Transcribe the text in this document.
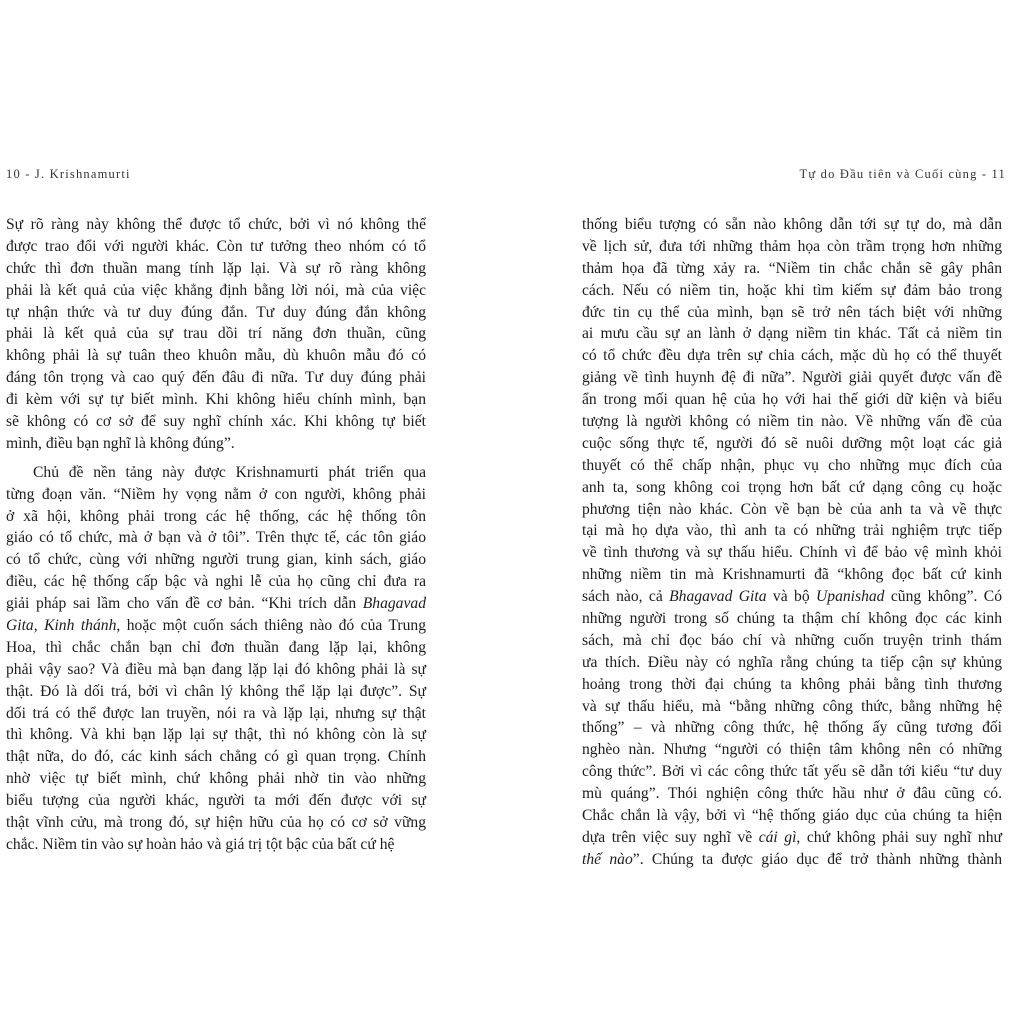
10 - J. Krishnamurti	Tự do Đầu tiên và Cuối cùng - 11
Sự rõ ràng này không thể được tổ chức, bởi vì nó không thể
được trao đổi với người khác. Còn tư tưởng theo nhóm có tổ
chức thì đơn thuần mang tính lặp lại. Và sự rõ ràng không
phải là kết quả của việc khẳng định bằng lời nói, mà của việc
tự nhận thức và tư duy đúng đắn. Tư duy đúng đắn không
phải là kết quả của sự trau dồi trí năng đơn thuần, cũng
không phải là sự tuân theo khuôn mẫu, dù khuôn mẫu đó có
đáng tôn trọng và cao quý đến đâu đi nữa. Tư duy đúng phải
đi kèm với sự tự biết mình. Khi không hiểu chính mình, bạn
sẽ không có cơ sở để suy nghĩ chính xác. Khi không tự biết
mình, điều bạn nghĩ là không đúng”.
Chủ đề nền tảng này được Krishnamurti phát triển qua
từng đoạn văn. “Niềm hy vọng nằm ở con người, không phải
ở xã hội, không phải trong các hệ thống, các hệ thống tôn
giáo có tổ chức, mà ở bạn và ở tôi”. Trên thực tế, các tôn giáo
có tổ chức, cùng với những người trung gian, kinh sách, giáo
điều, các hệ thống cấp bậc và nghi lễ của họ cũng chỉ đưa ra
giải pháp sai lầm cho vấn đề cơ bản. “Khi trích dẫn Bhagavad
Gita, Kinh thánh, hoặc một cuốn sách thiêng nào đó của Trung
Hoa, thì chắc chắn bạn chỉ đơn thuần đang lặp lại, không
phải vậy sao? Và điều mà bạn đang lặp lại đó không phải là sự
thật. Đó là dối trá, bởi vì chân lý không thể lặp lại được”. Sự
dối trá có thể được lan truyền, nói ra và lặp lại, nhưng sự thật
thì không. Và khi bạn lặp lại sự thật, thì nó không còn là sự
thật nữa, do đó, các kinh sách chẳng có gì quan trọng. Chính
nhờ việc tự biết mình, chứ không phải nhờ tin vào những
biểu tượng của người khác, người ta mới đến được với sự
thật vĩnh cửu, mà trong đó, sự hiện hữu của họ có cơ sở vững
chắc. Niềm tin vào sự hoàn hảo và giá trị tột bậc của bất cứ hệ
thống biểu tượng có sẵn nào không dẫn tới sự tự do, mà dẫn
về lịch sử, đưa tới những thảm họa còn trầm trọng hơn những
thảm họa đã từng xảy ra. “Niềm tin chắc chắn sẽ gây phân
cách. Nếu có niềm tin, hoặc khi tìm kiếm sự đảm bảo trong
đức tin cụ thể của mình, bạn sẽ trở nên tách biệt với những
ai mưu cầu sự an lành ở dạng niềm tin khác. Tất cả niềm tin
có tổ chức đều dựa trên sự chia cách, mặc dù họ có thể thuyết
giảng về tình huynh đệ đi nữa”. Người giải quyết được vấn đề
ẩn trong mối quan hệ của họ với hai thế giới dữ kiện và biểu
tượng là người không có niềm tin nào. Về những vấn đề của
cuộc sống thực tế, người đó sẽ nuôi dưỡng một loạt các giả
thuyết có thể chấp nhận, phục vụ cho những mục đích của
anh ta, song không coi trọng hơn bất cứ dạng công cụ hoặc
phương tiện nào khác. Còn về bạn bè của anh ta và về thực
tại mà họ dựa vào, thì anh ta có những trải nghiệm trực tiếp
về tình thương và sự thấu hiểu. Chính vì để bảo vệ mình khỏi
những niềm tin mà Krishnamurti đã “không đọc bất cứ kinh
sách nào, cả Bhagavad Gita và bộ Upanishad cũng không”. Có
những người trong số chúng ta thậm chí không đọc các kinh
sách, mà chỉ đọc báo chí và những cuốn truyện trinh thám
ưa thích. Điều này có nghĩa rằng chúng ta tiếp cận sự khủng
hoảng trong thời đại chúng ta không phải bằng tình thương
và sự thấu hiểu, mà “bằng những công thức, bằng những hệ
thống” – và những công thức, hệ thống ấy cũng tương đối
nghèo nàn. Nhưng “người có thiện tâm không nên có những
công thức”. Bởi vì các công thức tất yếu sẽ dẫn tới kiểu “tư duy
mù quáng”. Thói nghiện công thức hầu như ở đâu cũng có.
Chắc chắn là vậy, bởi vì “hệ thống giáo dục của chúng ta hiện
dựa trên việc suy nghĩ về cái gì, chứ không phải suy nghĩ như
thế nào”. Chúng ta được giáo dục để trở thành những thành
